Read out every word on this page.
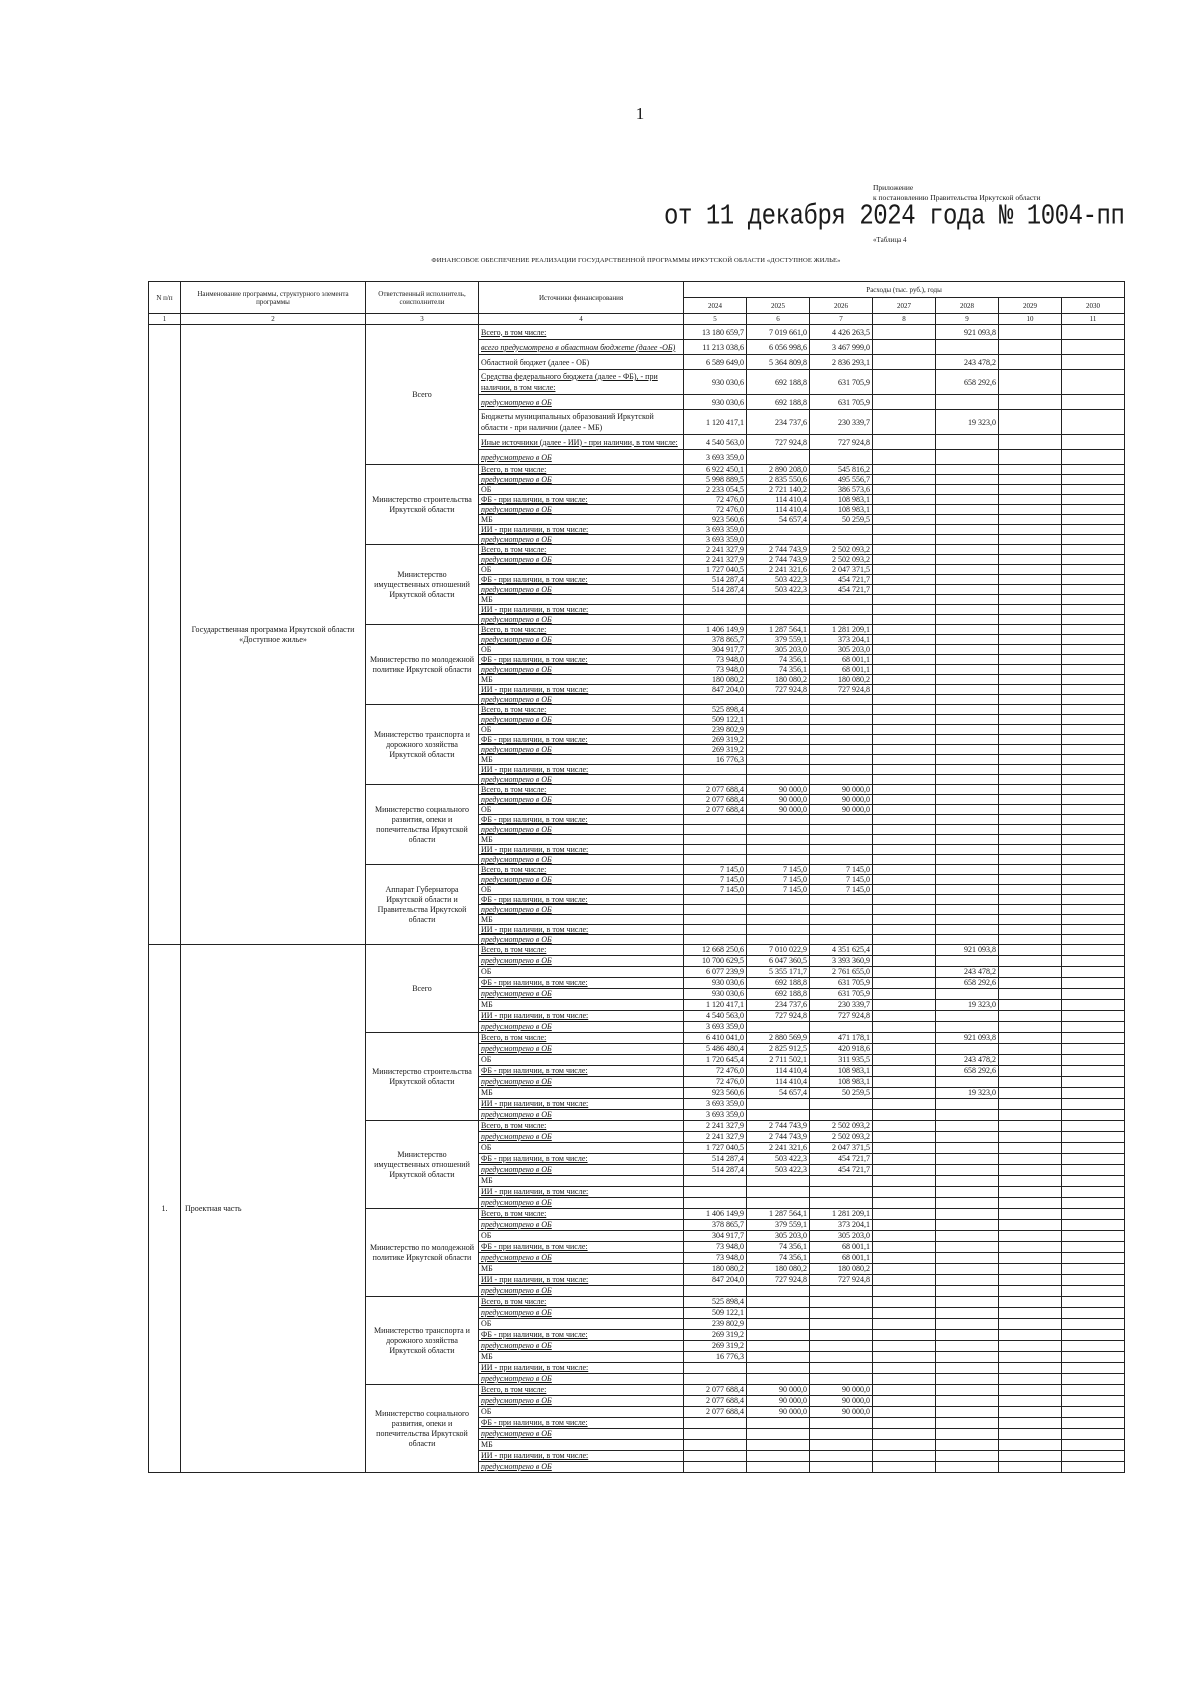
1
Приложение
к постановлению Правительства Иркутской области
от 11 декабря 2024 года № 1004-пп
«Таблица 4
ФИНАНСОВОЕ ОБЕСПЕЧЕНИЕ РЕАЛИЗАЦИИ ГОСУДАРСТВЕННОЙ ПРОГРАММЫ ИРКУТСКОЙ ОБЛАСТИ «ДОСТУПНОЕ ЖИЛЬЕ»
N п/п	Наименование программы, структурного элемента программы	Ответственный исполнитель, соисполнители	Источники финансирования	Расходы (тыс. руб.), годы						
				2024	2025	2026	2027	2028	2029	2030
1	2	3	4	5	6	7	8	9	10	11
	Государственная программа Иркутской области «Доступное жилье»	Всего	Всего, в том числе:	13 180 659,7	7 019 661,0	4 426 263,5		921 093,8		
			всего предусмотрено в областном бюджете (далее -ОБ)	11 213 038,6	6 056 998,6	3 467 999,0				
			Областной бюджет (далее - ОБ)	6 589 649,0	5 364 809,8	2 836 293,1		243 478,2		
			Средства федерального бюджета (далее - ФБ), - при наличии, в том числе:	930 030,6	692 188,8	631 705,9		658 292,6		
			предусмотрено в ОБ	930 030,6	692 188,8	631 705,9				
			Бюджеты муниципальных образований Иркутской области - при наличии (далее - МБ)	1 120 417,1	234 737,6	230 339,7		19 323,0		
			Иные источники (далее - ИИ) - при наличии, в том числе:	4 540 563,0	727 924,8	727 924,8				
			предусмотрено в ОБ	3 693 359,0						
		Министерство строительства Иркутской области	Всего, в том числе:	6 922 450,1	2 890 208,0	545 816,2				
			предусмотрено в ОБ	5 998 889,5	2 835 550,6	495 556,7				
			ОБ	2 233 054,5	2 721 140,2	386 573,6				
			ФБ - при наличии, в том числе:	72 476,0	114 410,4	108 983,1				
			предусмотрено в ОБ	72 476,0	114 410,4	108 983,1				
			МБ	923 560,6	54 657,4	50 259,5				
			ИИ - при наличии, в том числе:	3 693 359,0						
			предусмотрено в ОБ	3 693 359,0						
		Министерство имущественных отношений Иркутской области	Всего, в том числе:	2 241 327,9	2 744 743,9	2 502 093,2				
			предусмотрено в ОБ	2 241 327,9	2 744 743,9	2 502 093,2				
			ОБ	1 727 040,5	2 241 321,6	2 047 371,5				
			ФБ - при наличии, в том числе:	514 287,4	503 422,3	454 721,7				
			предусмотрено в ОБ	514 287,4	503 422,3	454 721,7				
			МБ							
			ИИ - при наличии, в том числе:							
			предусмотрено в ОБ							
		Министерство по молодежной политике Иркутской области	Всего, в том числе:	1 406 149,9	1 287 564,1	1 281 209,1				
			предусмотрено в ОБ	378 865,7	379 559,1	373 204,1				
			ОБ	304 917,7	305 203,0	305 203,0				
			ФБ - при наличии, в том числе:	73 948,0	74 356,1	68 001,1				
			предусмотрено в ОБ	73 948,0	74 356,1	68 001,1				
			МБ	180 080,2	180 080,2	180 080,2				
			ИИ - при наличии, в том числе:	847 204,0	727 924,8	727 924,8				
			предусмотрено в ОБ							
		Министерство транспорта и дорожного хозяйства Иркутской области	Всего, в том числе:	525 898,4						
			предусмотрено в ОБ	509 122,1						
			ОБ	239 802,9						
			ФБ - при наличии, в том числе:	269 319,2						
			предусмотрено в ОБ	269 319,2						
			МБ	16 776,3						
			ИИ - при наличии, в том числе:							
			предусмотрено в ОБ							
		Министерство социального развития, опеки и попечительства Иркутской области	Всего, в том числе:	2 077 688,4	90 000,0	90 000,0				
			предусмотрено в ОБ	2 077 688,4	90 000,0	90 000,0				
			ОБ	2 077 688,4	90 000,0	90 000,0				
			ФБ - при наличии, в том числе:							
			предусмотрено в ОБ							
			МБ							
			ИИ - при наличии, в том числе:							
			предусмотрено в ОБ							
		Аппарат Губернатора Иркутской области и Правительства Иркутской области	Всего, в том числе:	7 145,0	7 145,0	7 145,0				
			предусмотрено в ОБ	7 145,0	7 145,0	7 145,0				
			ОБ	7 145,0	7 145,0	7 145,0				
			ФБ - при наличии, в том числе:							
			предусмотрено в ОБ							
			МБ							
			ИИ - при наличии, в том числе:							
			предусмотрено в ОБ							
1.	Проектная часть	Всего	Всего, в том числе:	12 668 250,6	7 010 022,9	4 351 625,4		921 093,8		
			предусмотрено в ОБ	10 700 629,5	6 047 360,5	3 393 360,9				
			ОБ	6 077 239,9	5 355 171,7	2 761 655,0		243 478,2		
			ФБ - при наличии, в том числе:	930 030,6	692 188,8	631 705,9		658 292,6		
			предусмотрено в ОБ	930 030,6	692 188,8	631 705,9				
			МБ	1 120 417,1	234 737,6	230 339,7		19 323,0		
			ИИ - при наличии, в том числе:	4 540 563,0	727 924,8	727 924,8				
			предусмотрено в ОБ	3 693 359,0						
		Министерство строительства Иркутской области	Всего, в том числе:	6 410 041,0	2 880 569,9	471 178,1		921 093,8		
			предусмотрено в ОБ	5 486 480,4	2 825 912,5	420 918,6				
			ОБ	1 720 645,4	2 711 502,1	311 935,5		243 478,2		
			ФБ - при наличии, в том числе:	72 476,0	114 410,4	108 983,1		658 292,6		
			предусмотрено в ОБ	72 476,0	114 410,4	108 983,1				
			МБ	923 560,6	54 657,4	50 259,5		19 323,0		
			ИИ - при наличии, в том числе:	3 693 359,0						
			предусмотрено в ОБ	3 693 359,0						
		Министерство имущественных отношений Иркутской области	Всего, в том числе:	2 241 327,9	2 744 743,9	2 502 093,2				
			предусмотрено в ОБ	2 241 327,9	2 744 743,9	2 502 093,2				
			ОБ	1 727 040,5	2 241 321,6	2 047 371,5				
			ФБ - при наличии, в том числе:	514 287,4	503 422,3	454 721,7				
			предусмотрено в ОБ	514 287,4	503 422,3	454 721,7				
			МБ							
			ИИ - при наличии, в том числе:							
			предусмотрено в ОБ							
		Министерство по молодежной политике Иркутской области	Всего, в том числе:	1 406 149,9	1 287 564,1	1 281 209,1				
			предусмотрено в ОБ	378 865,7	379 559,1	373 204,1				
			ОБ	304 917,7	305 203,0	305 203,0				
			ФБ - при наличии, в том числе:	73 948,0	74 356,1	68 001,1				
			предусмотрено в ОБ	73 948,0	74 356,1	68 001,1				
			МБ	180 080,2	180 080,2	180 080,2				
			ИИ - при наличии, в том числе:	847 204,0	727 924,8	727 924,8				
			предусмотрено в ОБ							
		Министерство транспорта и дорожного хозяйства Иркутской области	Всего, в том числе:	525 898,4						
			предусмотрено в ОБ	509 122,1						
			ОБ	239 802,9						
			ФБ - при наличии, в том числе:	269 319,2						
			предусмотрено в ОБ	269 319,2						
			МБ	16 776,3						
			ИИ - при наличии, в том числе:							
			предусмотрено в ОБ							
		Министерство социального развития, опеки и попечительства Иркутской области	Всего, в том числе:	2 077 688,4	90 000,0	90 000,0				
			предусмотрено в ОБ	2 077 688,4	90 000,0	90 000,0				
			ОБ	2 077 688,4	90 000,0	90 000,0				
			ФБ - при наличии, в том числе:							
			предусмотрено в ОБ							
			МБ							
			ИИ - при наличии, в том числе:							
			предусмотрено в ОБ							
